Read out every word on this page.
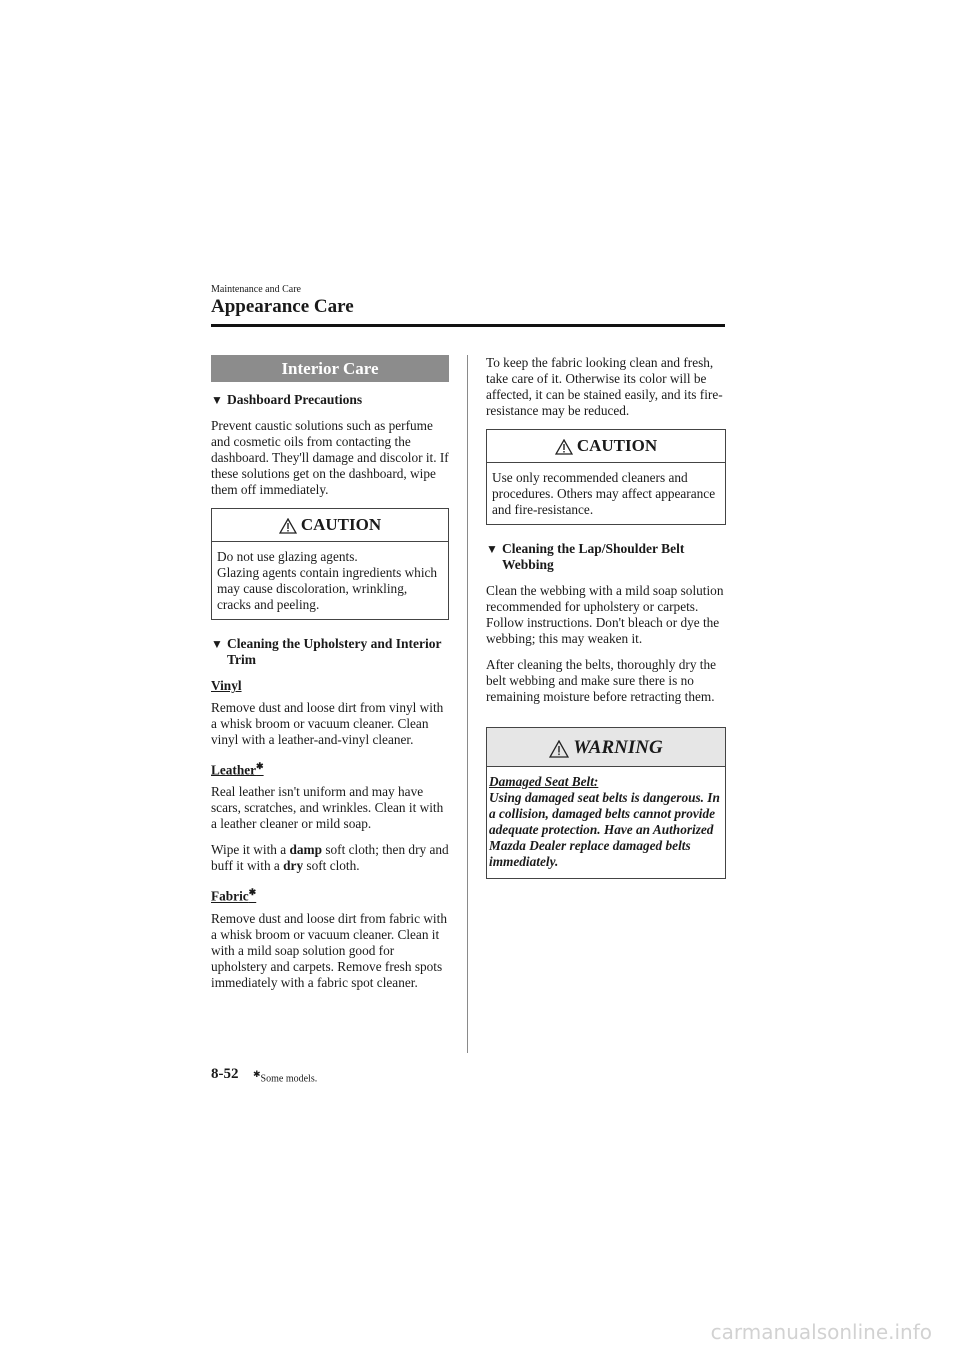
Maintenance and Care
Appearance Care
Interior Care
▼ Dashboard Precautions

Prevent caustic solutions such as perfume and cosmetic oils from contacting the dashboard. They'll damage and discolor it. If these solutions get on the dashboard, wipe them off immediately.

CAUTION
Do not use glazing agents.
Glazing agents contain ingredients which may cause discoloration, wrinkling, cracks and peeling.
▼ Cleaning the Upholstery and Interior Trim
Vinyl

Remove dust and loose dirt from vinyl with a whisk broom or vacuum cleaner. Clean vinyl with a leather-and-vinyl cleaner.

Leather✱

Real leather isn't uniform and may have scars, scratches, and wrinkles. Clean it with a leather cleaner or mild soap.

Wipe it with a damp soft cloth; then dry and buff it with a dry soft cloth.

Fabric✱

Remove dust and loose dirt from fabric with a whisk broom or vacuum cleaner. Clean it with a mild soap solution good for upholstery and carpets. Remove fresh spots immediately with a fabric spot cleaner.

To keep the fabric looking clean and fresh, take care of it. Otherwise its color will be affected, it can be stained easily, and its fire-resistance may be reduced.

CAUTION
Use only recommended cleaners and procedures. Others may affect appearance and fire-resistance.
▼ Cleaning the Lap/Shoulder Belt Webbing

Clean the webbing with a mild soap solution recommended for upholstery or carpets. Follow instructions. Don't bleach or dye the webbing; this may weaken it.

After cleaning the belts, thoroughly dry the belt webbing and make sure there is no remaining moisture before retracting them.

WARNING
Damaged Seat Belt:
Using damaged seat belts is dangerous. In a collision, damaged belts cannot provide adequate protection. Have an Authorized Mazda Dealer replace damaged belts immediately.
8-52 ✱Some models.
carmanualsonline.info
